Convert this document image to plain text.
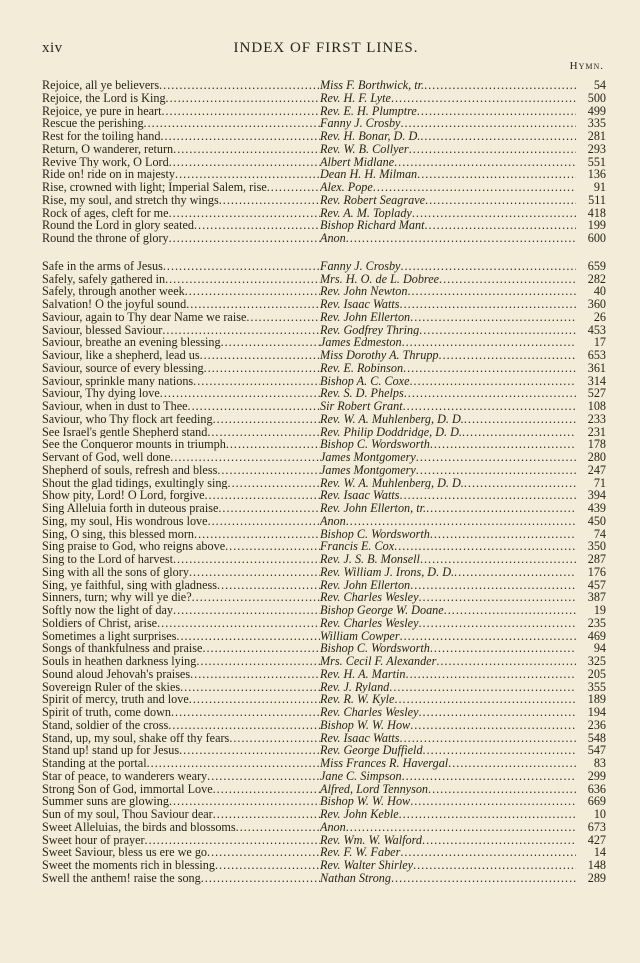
xiv	INDEX OF FIRST LINES.
Hymn.
Rejoice, all ye believers .....	Miss F. Borthwick, tr. .....	54
Rejoice, the Lord is King .....	Rev. H. F. Lyte .....	500
Rejoice, ye pure in heart .....	Rev. E. H. Plumptre .....	499
Rescue the perishing .....	Fanny J. Crosby .....	335
Rest for the toiling hand .....	Rev. H. Bonar, D. D. .....	281
Return, O wanderer, return .....	Rev. W. B. Collyer .....	293
Revive Thy work, O Lord .....	Albert Midlane .....	551
Ride on! ride on in majesty .....	Dean H. H. Milman .....	136
Rise, crowned with light; Imperial Salem, rise .....	Alex. Pope .....	91
Rise, my soul, and stretch thy wings .....	Rev. Robert Seagrave .....	511
Rock of ages, cleft for me .....	Rev. A. M. Toplady .....	418
Round the Lord in glory seated .....	Bishop Richard Mant .....	199
Round the throne of glory .....	Anon .....	600
Safe in the arms of Jesus .....	Fanny J. Crosby .....	659
Safely, safely gathered in .....	Mrs. H. O. de L. Dobree .....	282
Safely, through another week .....	Rev. John Newton .....	40
Salvation! O the joyful sound .....	Rev. Isaac Watts .....	360
Saviour, again to Thy dear Name we raise .....	Rev. John Ellerton .....	26
Saviour, blessed Saviour .....	Rev. Godfrey Thring .....	453
Saviour, breathe an evening blessing .....	James Edmeston .....	17
Saviour, like a shepherd, lead us .....	Miss Dorothy A. Thrupp .....	653
Saviour, source of every blessing .....	Rev. E. Robinson .....	361
Saviour, sprinkle many nations .....	Bishop A. C. Coxe .....	314
Saviour, Thy dying love .....	Rev. S. D. Phelps .....	527
Saviour, when in dust to Thee .....	Sir Robert Grant .....	108
Saviour, who Thy flock art feeding .....	Rev. W. A. Muhlenberg, D. D. .....	233
See Israel's gentle Shepherd stand .....	Rev. Philip Doddridge, D. D. .....	231
See the Conqueror mounts in triumph .....	Bishop C. Wordsworth .....	178
Servant of God, well done .....	James Montgomery .....	280
Shepherd of souls, refresh and bless .....	James Montgomery .....	247
Shout the glad tidings, exultingly sing .....	Rev. W. A. Muhlenberg, D. D. .....	71
Show pity, Lord! O Lord, forgive .....	Rev. Isaac Watts .....	394
Sing Alleluia forth in duteous praise .....	Rev. John Ellerton, tr. .....	439
Sing, my soul, His wondrous love .....	Anon .....	450
Sing, O sing, this blessed morn .....	Bishop C. Wordsworth .....	74
Sing praise to God, who reigns above .....	Francis E. Cox .....	350
Sing to the Lord of harvest .....	Rev. J. S. B. Monsell .....	287
Sing with all the sons of glory .....	Rev. William J. Irons, D. D. .....	176
Sing, ye faithful, sing with gladness .....	Rev. John Ellerton .....	457
Sinners, turn; why will ye die? .....	Rev. Charles Wesley .....	387
Softly now the light of day .....	Bishop George W. Doane .....	19
Soldiers of Christ, arise .....	Rev. Charles Wesley .....	235
Sometimes a light surprises .....	William Cowper .....	469
Songs of thankfulness and praise .....	Bishop C. Wordsworth .....	94
Souls in heathen darkness lying .....	Mrs. Cecil F. Alexander .....	325
Sound aloud Jehovah's praises .....	Rev. H. A. Martin .....	205
Sovereign Ruler of the skies .....	Rev. J. Ryland .....	355
Spirit of mercy, truth and love .....	Rev. R. W. Kyle .....	189
Spirit of truth, come down .....	Rev. Charles Wesley .....	194
Stand, soldier of the cross .....	Bishop W. W. How .....	236
Stand, up, my soul, shake off thy fears .....	Rev. Isaac Watts .....	548
Stand up! stand up for Jesus .....	Rev. George Duffield .....	547
Standing at the portal .....	Miss Frances R. Havergal .....	83
Star of peace, to wanderers weary .....	Jane C. Simpson .....	299
Strong Son of God, immortal Love .....	Alfred, Lord Tennyson .....	636
Summer suns are glowing .....	Bishop W. W. How .....	669
Sun of my soul, Thou Saviour dear .....	Rev. John Keble .....	10
Sweet Alleluias, the birds and blossoms .....	Anon .....	673
Sweet hour of prayer .....	Rev. Wm. W. Walford .....	427
Sweet Saviour, bless us ere we go .....	Rev. F. W. Faber .....	14
Sweet the moments rich in blessing .....	Rev. Walter Shirley .....	148
Swell the anthem! raise the song .....	Nathan Strong .....	289
